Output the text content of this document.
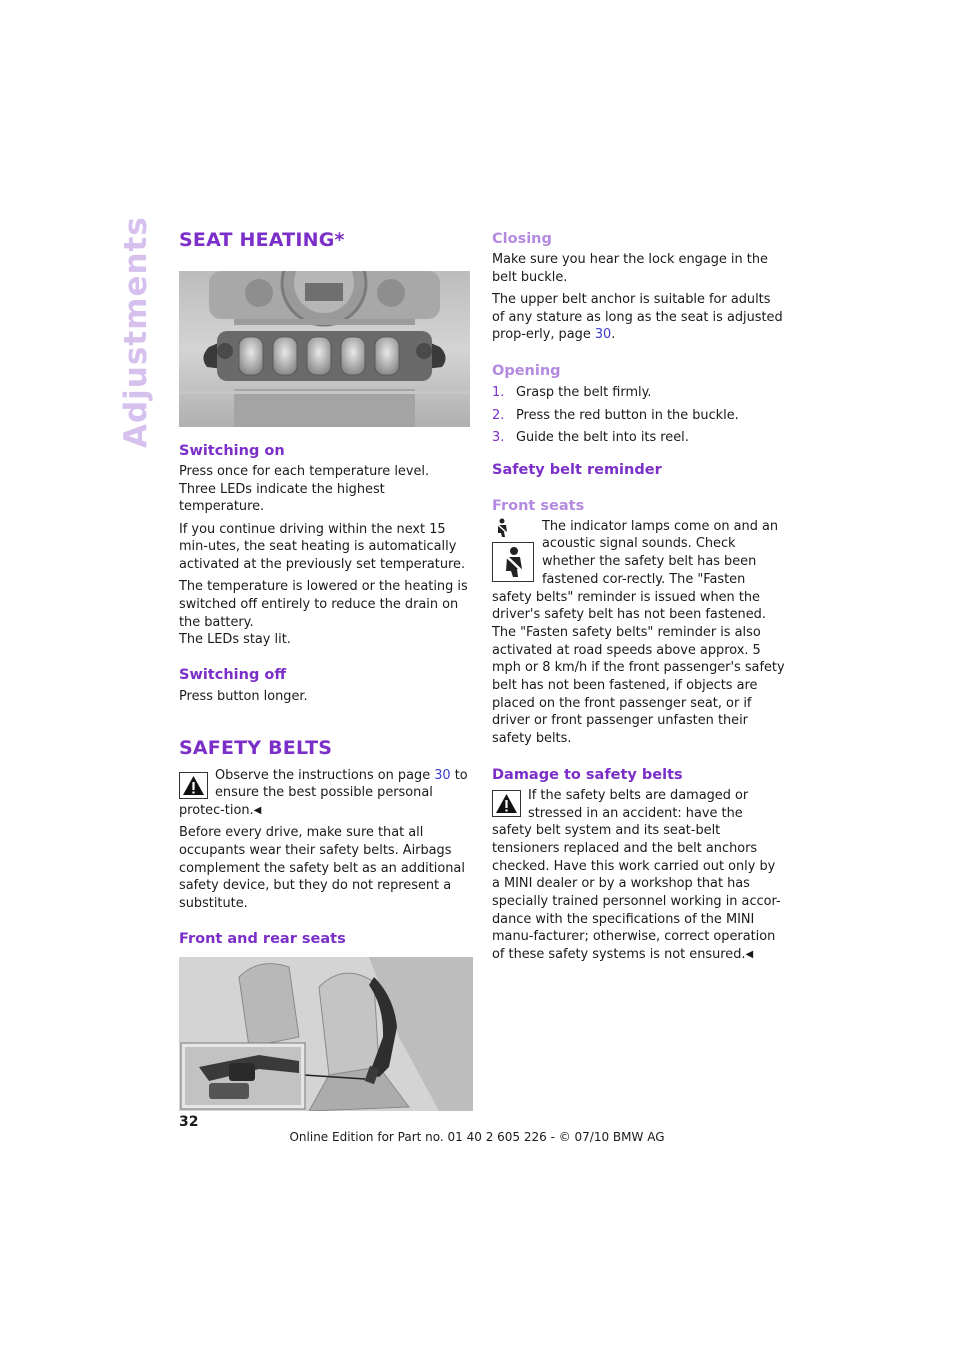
Adjustments SEAT HEATING*
Switching on

Press once for each temperature level.

Three LEDs indicate the highest temperature.

If you continue driving within the next 15 min-utes, the seat heating is automatically activated at the previously set temperature.

The temperature is lowered or the heating is switched off entirely to reduce the drain on the battery.

The LEDs stay lit.

Switching off

Press button longer.

SAFETY BELTS

Observe the instructions on page 30 to ensure the best possible personal protec-tion.◀

Before every drive, make sure that all occupants wear their safety belts. Airbags complement the safety belt as an additional safety device, but they do not represent a substitute.

Front and rear seats
Closing

Make sure you hear the lock engage in the belt buckle.

The upper belt anchor is suitable for adults of any stature as long as the seat is adjusted prop-erly, page 30.

Opening
1. Grasp the belt firmly.
2. Press the red button in the buckle.
3. Guide the belt into its reel.
Safety belt reminder
Front seats

The indicator lamps come on and an acoustic signal sounds. Check whether the safety belt has been fastened cor-rectly. The "Fasten safety belts" reminder is issued when the driver's safety belt has not been fastened. The "Fasten safety belts" reminder is also activated at road speeds above approx. 5 mph or 8 km/h if the front passenger's safety belt has not been fastened, if objects are placed on the front passenger seat, or if driver or front passenger unfasten their safety belts.

Damage to safety belts

If the safety belts are damaged or stressed in an accident: have the safety belt system and its seat-belt tensioners replaced and the belt anchors checked. Have this work carried out only by a MINI dealer or by a workshop that has specially trained personnel working in accor-dance with the specifications of the MINI manu-facturer; otherwise, correct operation of these safety systems is not ensured.◀

32
Online Edition for Part no. 01 40 2 605 226 - © 07/10 BMW AG
